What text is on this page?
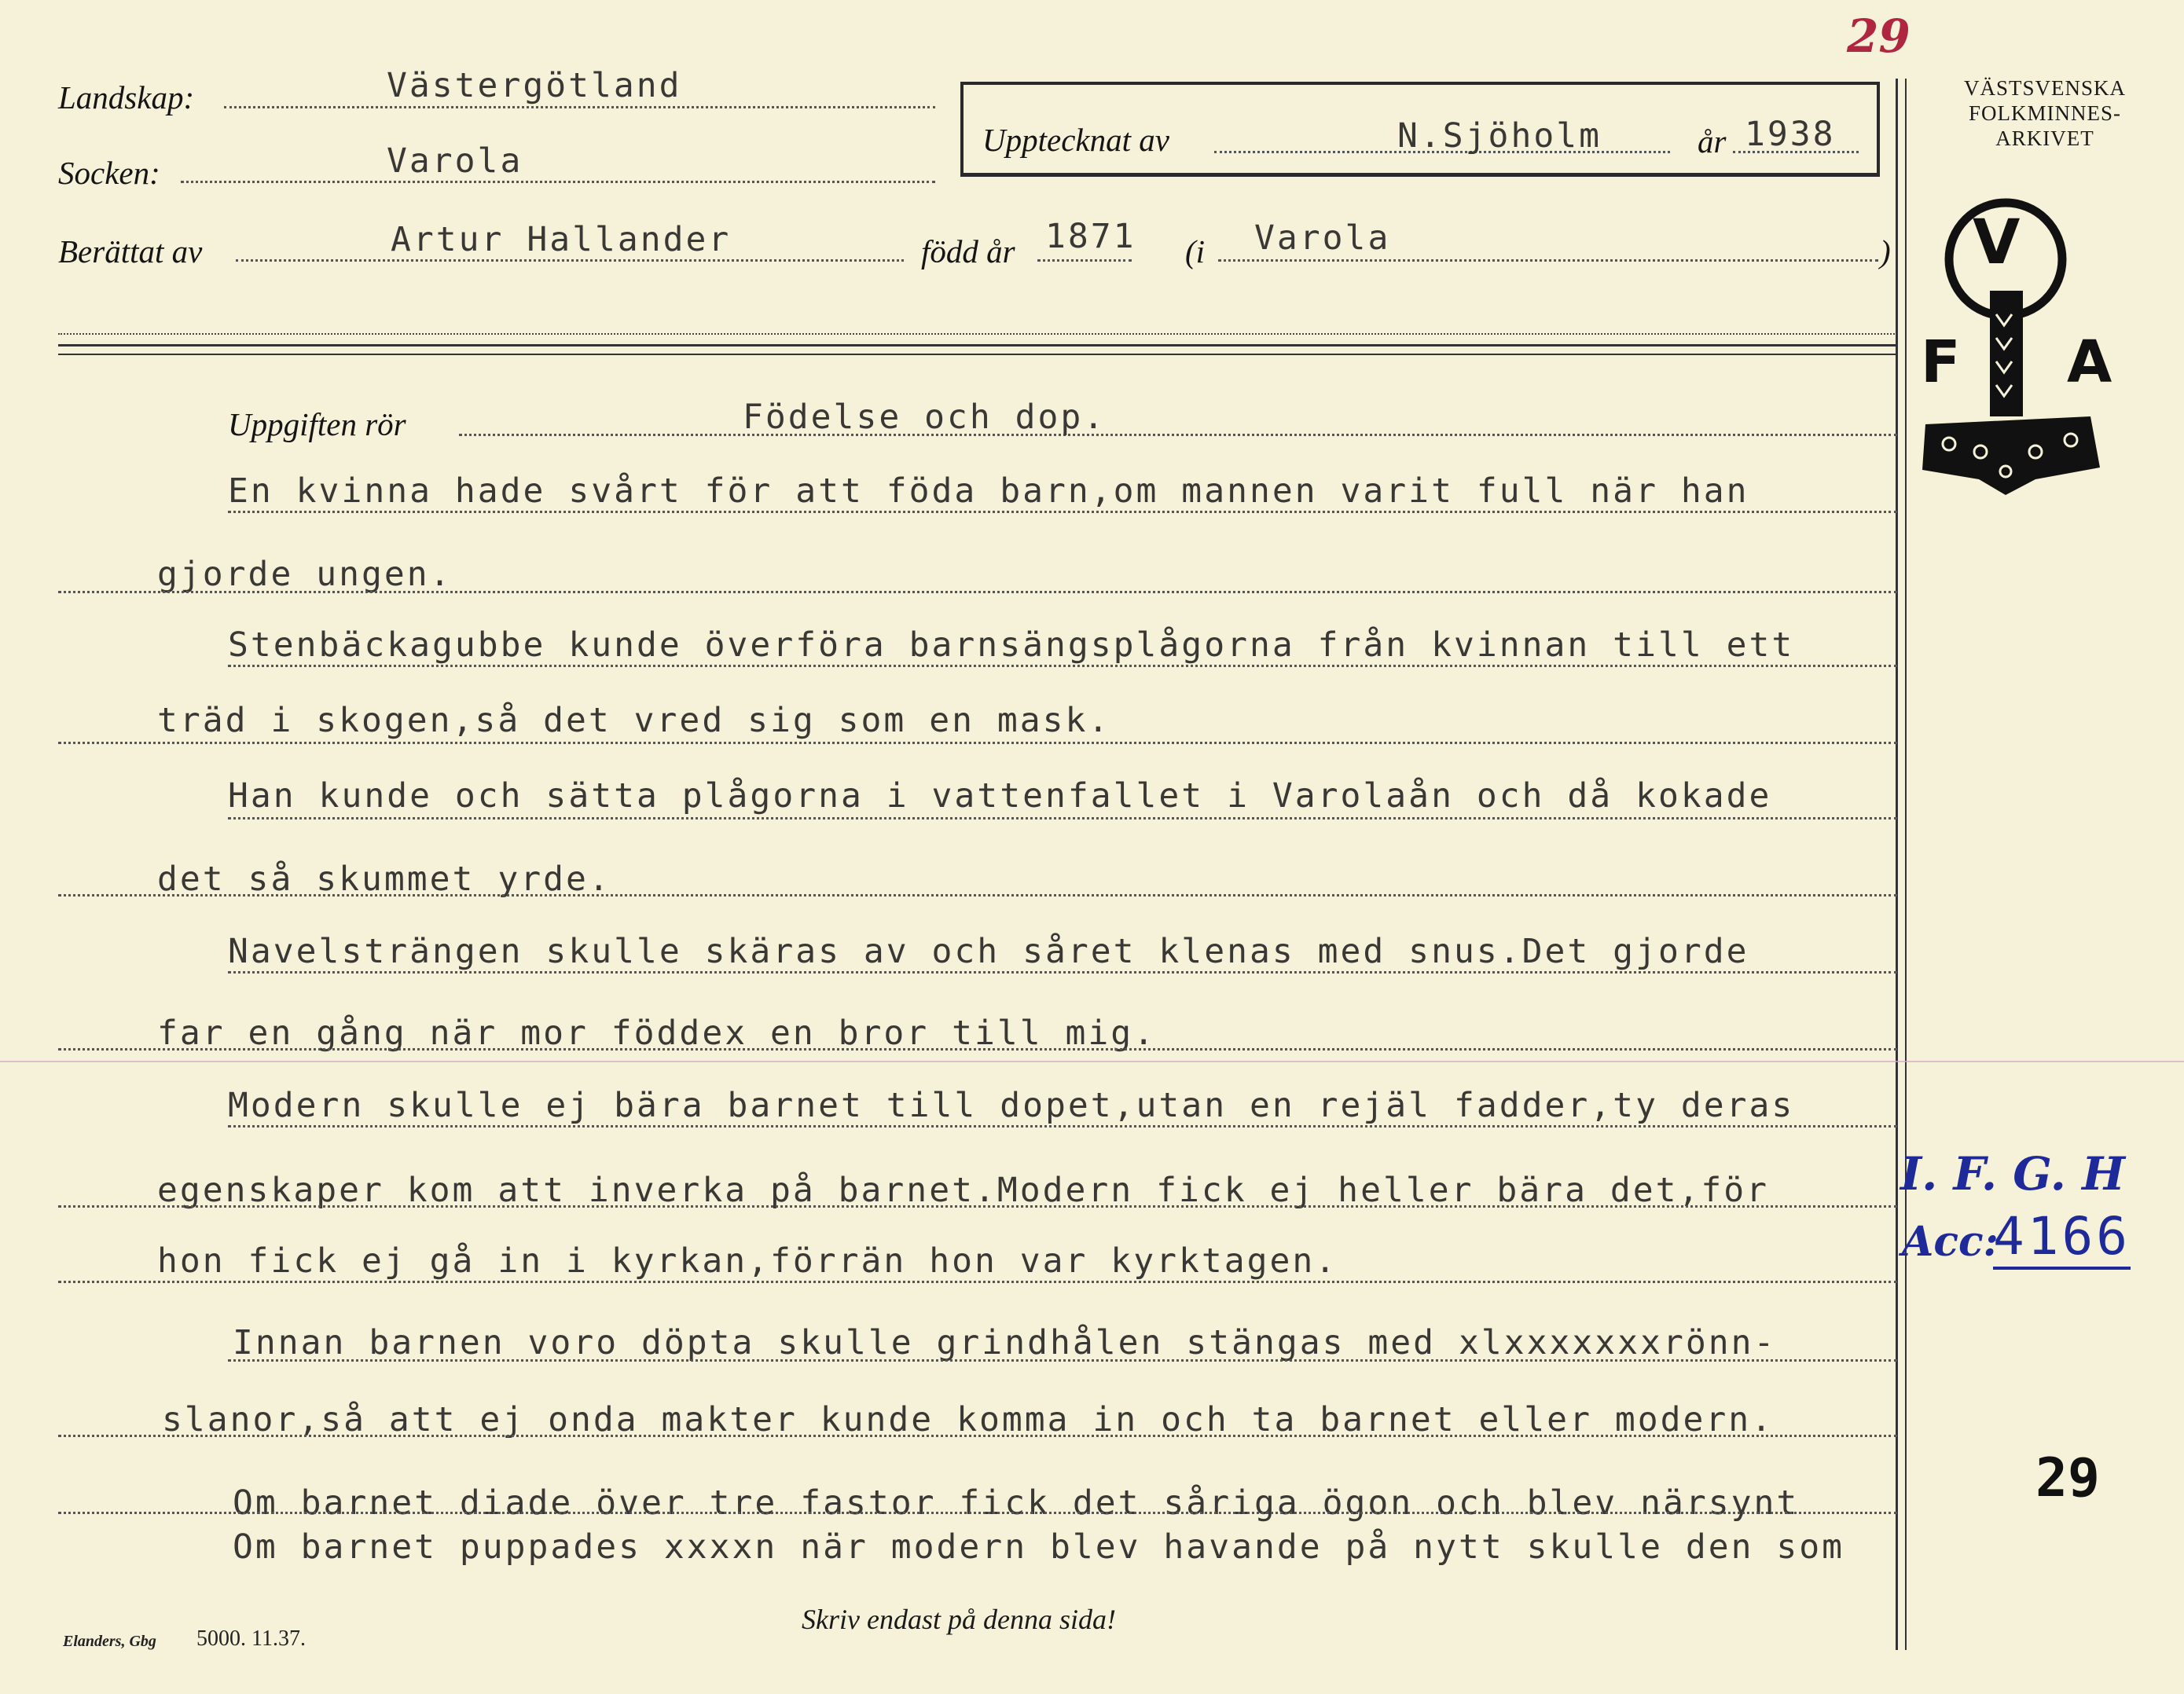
29
Landskap:	Västergötland
Socken:	Varola
Upptecknat av	N.Sjöholm	år 1938
Berättat av	Artur Hallander	född år 1871 (i Varola	)
VÄSTSVENSKA
FOLKMINNES-
ARKIVET
V
F A
Uppgiften rör	Födelse och dop.
En kvinna hade svårt för att föda barn,om mannen varit full när han
gjorde ungen.
Stenbäckagubbe kunde överföra barnsängsplågorna från kvinnan till ett
träd i skogen,så det vred sig som en mask.
Han kunde och sätta plågorna i vattenfallet i Varolaån och då kokade
det så skummet yrde.
Navelsträngen skulle skäras av och såret klenas med snus.Det gjorde
far en gång när mor föddex en bror till mig.
Modern skulle ej bära barnet till dopet,utan en rejäl fadder,ty deras
egenskaper kom att inverka på barnet.Modern fick ej heller bära det,för
hon fick ej gå in i kyrkan,förrän hon var kyrktagen.
Innan barnen voro döpta skulle grindhålen stängas med xlxxxxxxxrönn-
slanor,så att ej onda makter kunde komma in och ta barnet eller modern.
Om barnet diade över tre fastor fick det såriga ögon och blev närsynt
Om barnet puppades xxxxn när modern blev havande på nytt skulle den som
I. F. G. H
Acc:
4166
29
Elanders, Gbg 5000. 11.37.
Skriv endast på denna sida!
